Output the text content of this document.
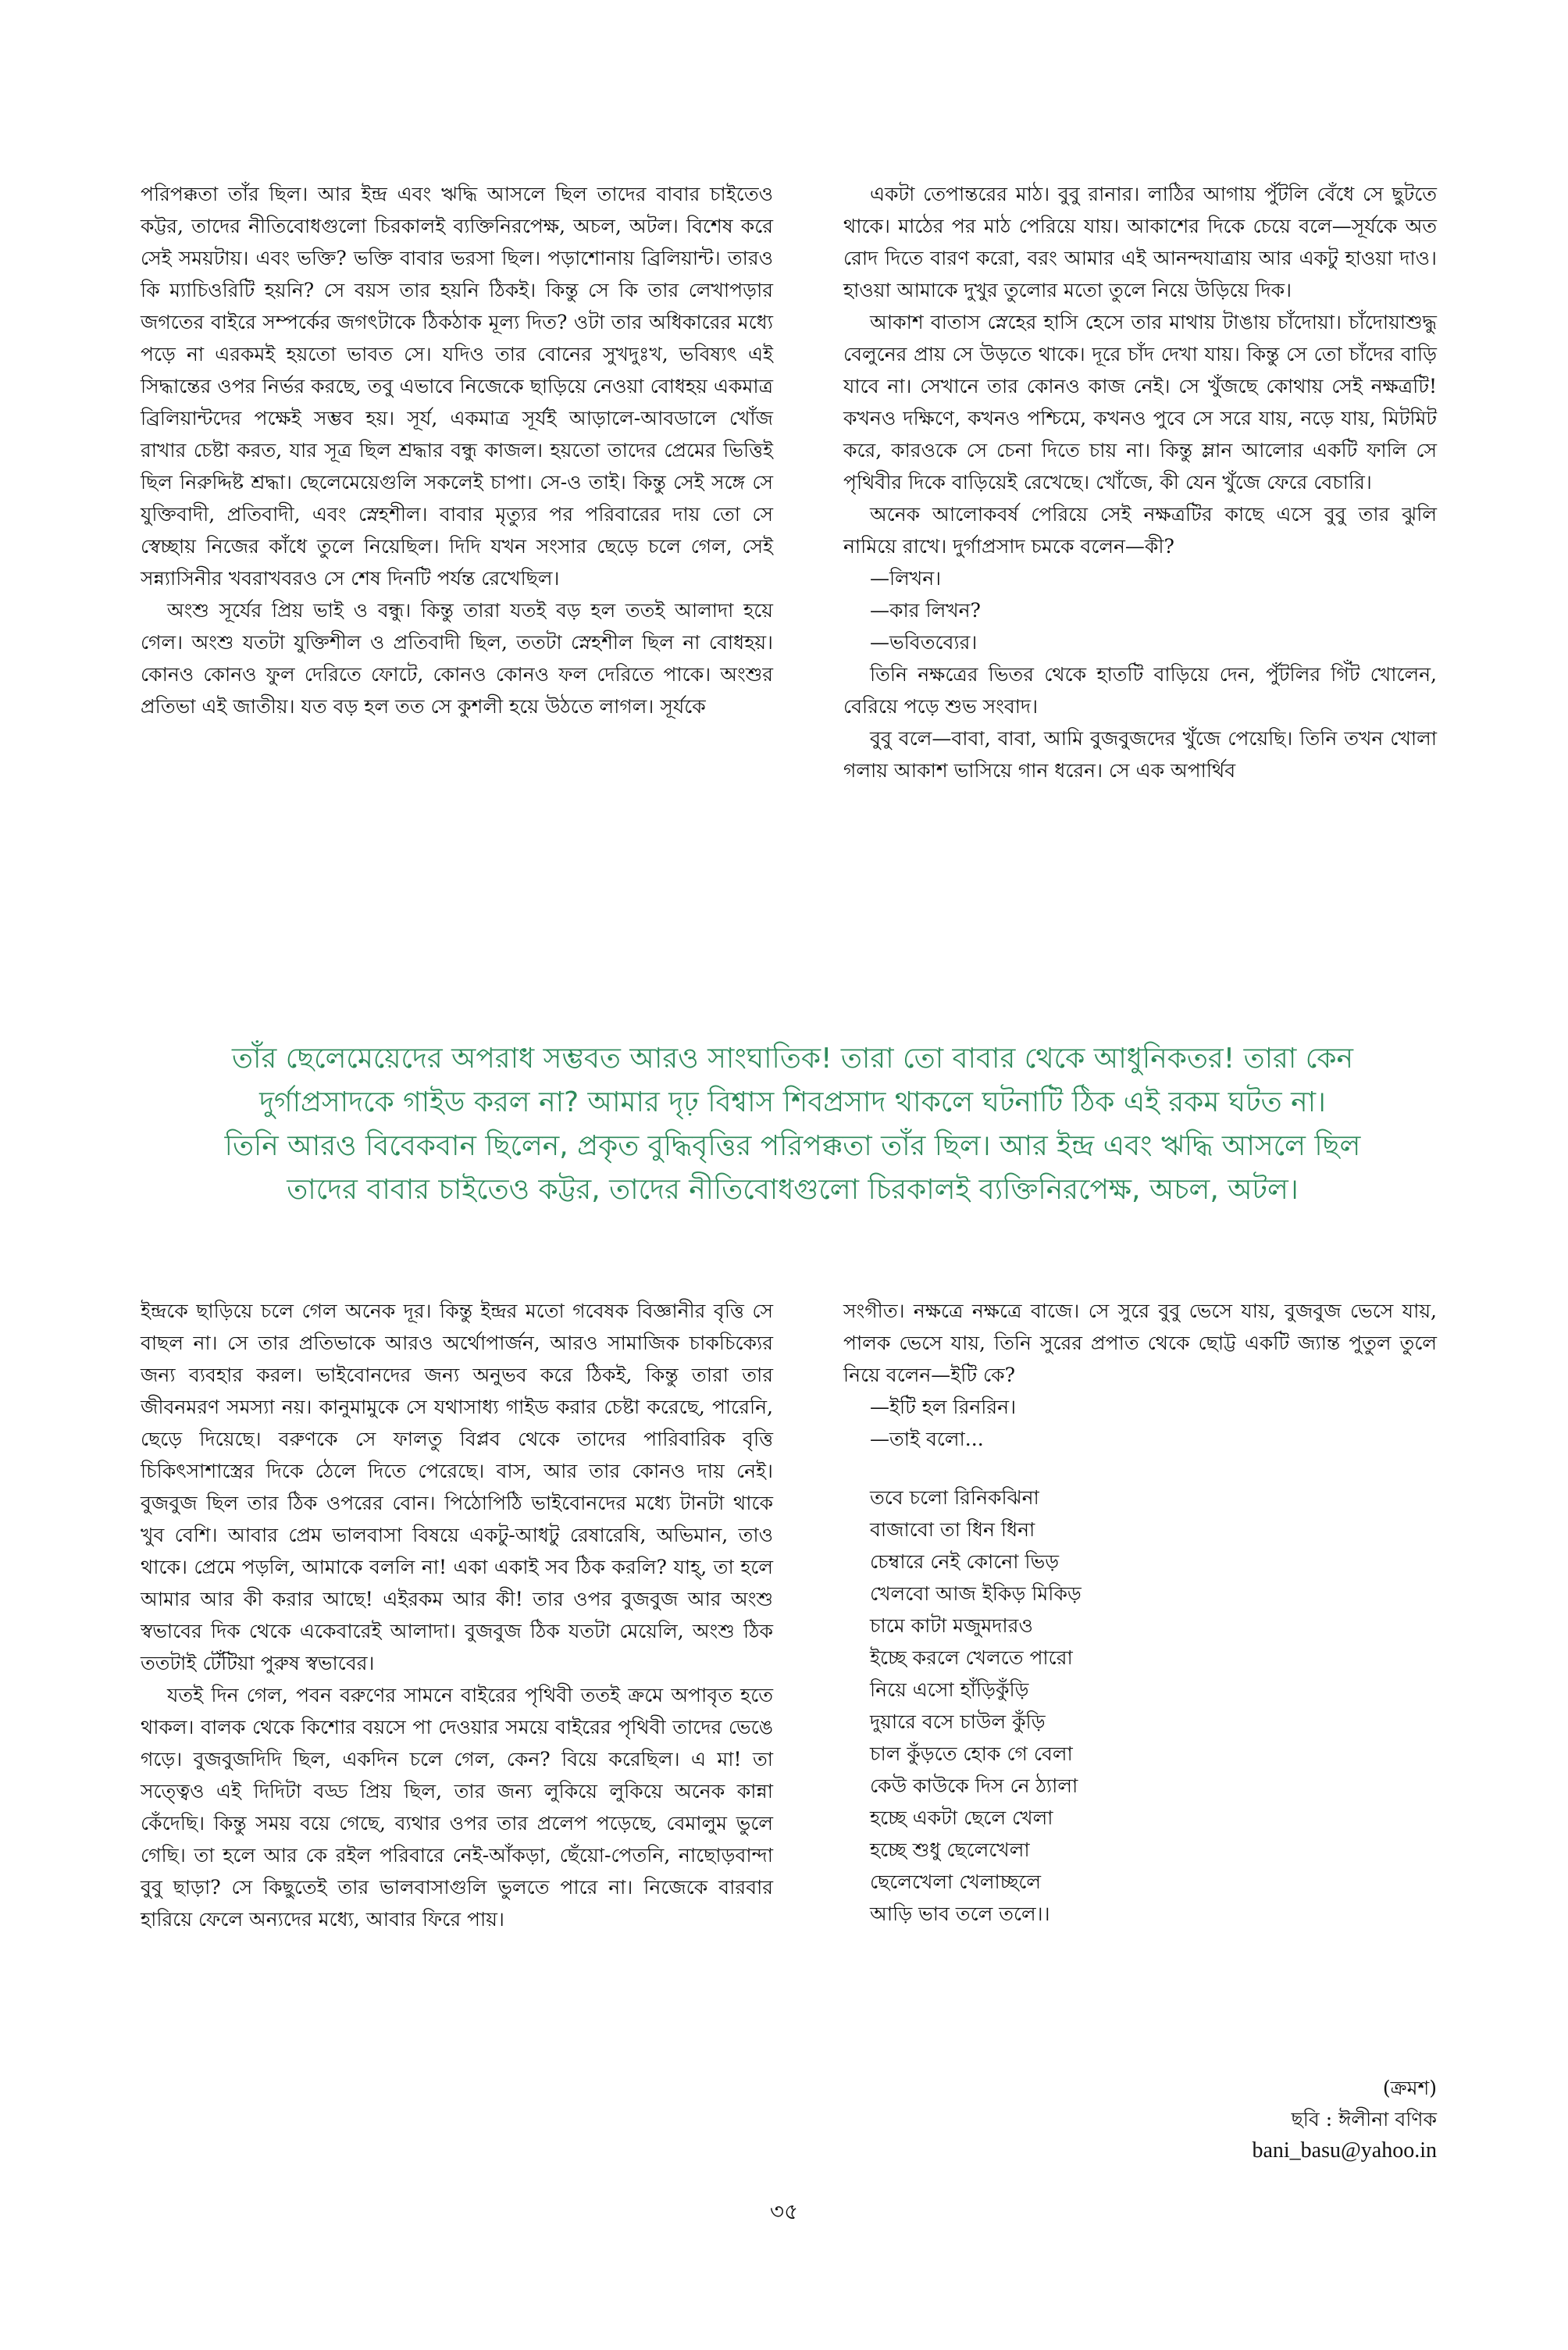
পরিপক্কতা তাঁর ছিল। আর ইন্দ্র এবং ঋদ্ধি আসলে ছিল তাদের বাবার চাইতেও কট্টর, তাদের নীতিবোধগুলো চিরকালই ব্যক্তিনিরপেক্ষ, অচল, অটল। বিশেষ করে সেই সময়টায়। এবং ভক্তি? ভক্তি বাবার ভরসা ছিল। পড়াশোনায় ব্রিলিয়ান্ট। তারও কি ম্যাচিওরিটি হয়নি? সে বয়স তার হয়নি ঠিকই। কিন্তু সে কি তার লেখাপড়ার জগতের বাইরে সম্পর্কের জগৎটাকে ঠিকঠাক মূল্য দিত? ওটা তার অধিকারের মধ্যে পড়ে না এরকমই হয়তো ভাবত সে। যদিও তার বোনের সুখদুঃখ, ভবিষ্যৎ এই সিদ্ধান্তের ওপর নির্ভর করছে, তবু এভাবে নিজেকে ছাড়িয়ে নেওয়া বোধহয় একমাত্র ব্রিলিয়ান্টদের পক্ষেই সম্ভব হয়। সূর্য, একমাত্র সূর্যই আড়ালে-আবডালে খোঁজ রাখার চেষ্টা করত, যার সূত্র ছিল শ্রদ্ধার বন্ধু কাজল। হয়তো তাদের প্রেমের ভিত্তিই ছিল নিরুদ্দিষ্ট শ্রদ্ধা। ছেলেমেয়েগুলি সকলেই চাপা। সে-ও তাই। কিন্তু সেই সঙ্গে সে যুক্তিবাদী, প্রতিবাদী, এবং স্নেহশীল। বাবার মৃত্যুর পর পরিবারের দায় তো সে স্বেচ্ছায় নিজের কাঁধে তুলে নিয়েছিল। দিদি যখন সংসার ছেড়ে চলে গেল, সেই সন্ন্যাসিনীর খবরাখবরও সে শেষ দিনটি পর্যন্ত রেখেছিল।

অংশু সূর্যের প্রিয় ভাই ও বন্ধু। কিন্তু তারা যতই বড় হল ততই আলাদা হয়ে গেল। অংশু যতটা যুক্তিশীল ও প্রতিবাদী ছিল, ততটা স্নেহশীল ছিল না বোধহয়। কোনও কোনও ফুল দেরিতে ফোটে, কোনও কোনও ফল দেরিতে পাকে। অংশুর প্রতিভা এই জাতীয়। যত বড় হল তত সে কুশলী হয়ে উঠতে লাগল। সূর্যকে

একটা তেপান্তরের মাঠ। বুবু রানার। লাঠির আগায় পুঁটলি বেঁধে সে ছুটতে থাকে। মাঠের পর মাঠ পেরিয়ে যায়। আকাশের দিকে চেয়ে বলে—সূর্যকে অত রোদ দিতে বারণ করো, বরং আমার এই আনন্দযাত্রায় আর একটু হাওয়া দাও। হাওয়া আমাকে দুখুর তুলোর মতো তুলে নিয়ে উড়িয়ে দিক।

আকাশ বাতাস স্নেহের হাসি হেসে তার মাথায় টাঙায় চাঁদোয়া। চাঁদোয়াশুদ্ধু বেলুনের প্রায় সে উড়তে থাকে। দূরে চাঁদ দেখা যায়। কিন্তু সে তো চাঁদের বাড়ি যাবে না। সেখানে তার কোনও কাজ নেই। সে খুঁজছে কোথায় সেই নক্ষত্রটি! কখনও দক্ষিণে, কখনও পশ্চিমে, কখনও পুবে সে সরে যায়, নড়ে যায়, মিটমিট করে, কারওকে সে চেনা দিতে চায় না। কিন্তু ম্লান আলোর একটি ফালি সে পৃথিবীর দিকে বাড়িয়েই রেখেছে। খোঁজে, কী যেন খুঁজে ফেরে বেচারি।

অনেক আলোকবর্ষ পেরিয়ে সেই নক্ষত্রটির কাছে এসে বুবু তার ঝুলি নামিয়ে রাখে। দুর্গাপ্রসাদ চমকে বলেন—কী?

—লিখন।

—কার লিখন?

—ভবিতব্যের।

তিনি নক্ষত্রের ভিতর থেকে হাতটি বাড়িয়ে দেন, পুঁটলির গিঁট খোলেন, বেরিয়ে পড়ে শুভ সংবাদ।

বুবু বলে—বাবা, বাবা, আমি বুজবুজদের খুঁজে পেয়েছি। তিনি তখন খোলা গলায় আকাশ ভাসিয়ে গান ধরেন। সে এক অপার্থিব

তাঁর ছেলেমেয়েদের অপরাধ সম্ভবত আরও সাংঘাতিক! তারা তো বাবার থেকে আধুনিকতর! তারা কেন

দুর্গাপ্রসাদকে গাইড করল না? আমার দৃঢ় বিশ্বাস শিবপ্রসাদ থাকলে ঘটনাটি ঠিক এই রকম ঘটত না।

তিনি আরও বিবেকবান ছিলেন, প্রকৃত বুদ্ধিবৃত্তির পরিপক্কতা তাঁর ছিল। আর ইন্দ্র এবং ঋদ্ধি আসলে ছিল

তাদের বাবার চাইতেও কট্টর, তাদের নীতিবোধগুলো চিরকালই ব্যক্তিনিরপেক্ষ, অচল, অটল।

ইন্দ্রকে ছাড়িয়ে চলে গেল অনেক দূর। কিন্তু ইন্দ্রর মতো গবেষক বিজ্ঞানীর বৃত্তি সে বাছল না। সে তার প্রতিভাকে আরও অর্থোপার্জন, আরও সামাজিক চাকচিক্যের জন্য ব্যবহার করল। ভাইবোনদের জন্য অনুভব করে ঠিকই, কিন্তু তারা তার জীবনমরণ সমস্যা নয়। কানুমামুকে সে যথাসাধ্য গাইড করার চেষ্টা করেছে, পারেনি, ছেড়ে দিয়েছে। বরুণকে সে ফালতু বিপ্লব থেকে তাদের পারিবারিক বৃত্তি চিকিৎসাশাস্ত্রের দিকে ঠেলে দিতে পেরেছে। বাস, আর তার কোনও দায় নেই। বুজবুজ ছিল তার ঠিক ওপরের বোন। পিঠোপিঠি ভাইবোনদের মধ্যে টানটা থাকে খুব বেশি। আবার প্রেম ভালবাসা বিষয়ে একটু-আধটু রেষারেষি, অভিমান, তাও থাকে। প্রেমে পড়লি, আমাকে বললি না! একা একাই সব ঠিক করলি? যাহ্, তা হলে আমার আর কী করার আছে! এইরকম আর কী! তার ওপর বুজবুজ আর অংশু স্বভাবের দিক থেকে একেবারেই আলাদা। বুজবুজ ঠিক যতটা মেয়েলি, অংশু ঠিক ততটাই টেঁটিয়া পুরুষ স্বভাবের।

যতই দিন গেল, পবন বরুণের সামনে বাইরের পৃথিবী ততই ক্রমে অপাবৃত হতে থাকল। বালক থেকে কিশোর বয়সে পা দেওয়ার সময়ে বাইরের পৃথিবী তাদের ভেঙে গড়ে। বুজবুজদিদি ছিল, একদিন চলে গেল, কেন? বিয়ে করেছিল। এ মা! তা সত্ত্বেও এই দিদিটা বড্ড প্রিয় ছিল, তার জন্য লুকিয়ে লুকিয়ে অনেক কান্না কেঁদেছি। কিন্তু সময় বয়ে গেছে, ব্যথার ওপর তার প্রলেপ পড়েছে, বেমালুম ভুলে গেছি। তা হলে আর কে রইল পরিবারে নেই-আঁকড়া, ছেঁয়ো-পেতনি, নাছোড়বান্দা বুবু ছাড়া? সে কিছুতেই তার ভালবাসাগুলি ভুলতে পারে না। নিজেকে বারবার হারিয়ে ফেলে অন্যদের মধ্যে, আবার ফিরে পায়।

সংগীত। নক্ষত্রে নক্ষত্রে বাজে। সে সুরে বুবু ভেসে যায়, বুজবুজ ভেসে যায়, পালক ভেসে যায়, তিনি সুরের প্রপাত থেকে ছোট্ট একটি জ্যান্ত পুতুল তুলে নিয়ে বলেন—ইটি কে?

—ইটি হল রিনরিন।

—তাই বলো...

তবে চলো রিনিকঝিনা
বাজাবো তা ধিন ধিনা
চেম্বারে নেই কোনো ভিড়
খেলবো আজ ইকিড় মিকিড়
চামে কাটা মজুমদারও
ইচ্ছে করলে খেলতে পারো
নিয়ে এসো হাঁড়িকুঁড়ি
দুয়ারে বসে চাউল কুঁড়ি
চাল কুঁড়তে হোক গে বেলা
কেউ কাউকে দিস নে ঠ্যালা
হচ্ছে একটা ছেলে খেলা
হচ্ছে শুধু ছেলেখেলা
ছেলেখেলা খেলাচ্ছলে
আড়ি ভাব তলে তলে।।
(ক্রমশ)
ছবি : ঈলীনা বণিক
bani_basu@yahoo.in
৩৫
